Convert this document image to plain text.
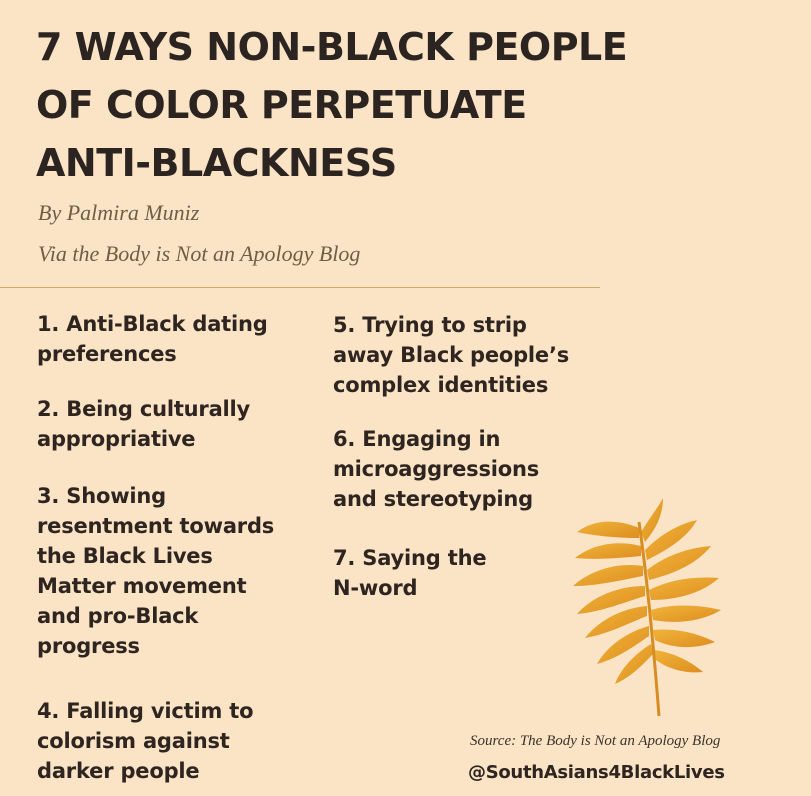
7 WAYS NON-BLACK PEOPLE
OF COLOR PERPETUATE
ANTI-BLACKNESS
By Palmira Muniz
Via the Body is Not an Apology Blog
1. Anti-Black dating
preferences
2. Being culturally
appropriative
3. Showing
resentment towards
the Black Lives
Matter movement
and pro-Black
progress
4. Falling victim to
colorism against
darker people
5. Trying to strip
away Black people’s
complex identities
6. Engaging in
microaggressions
and stereotyping
7. Saying the
N-word
Source: The Body is Not an Apology Blog
@SouthAsians4BlackLives
